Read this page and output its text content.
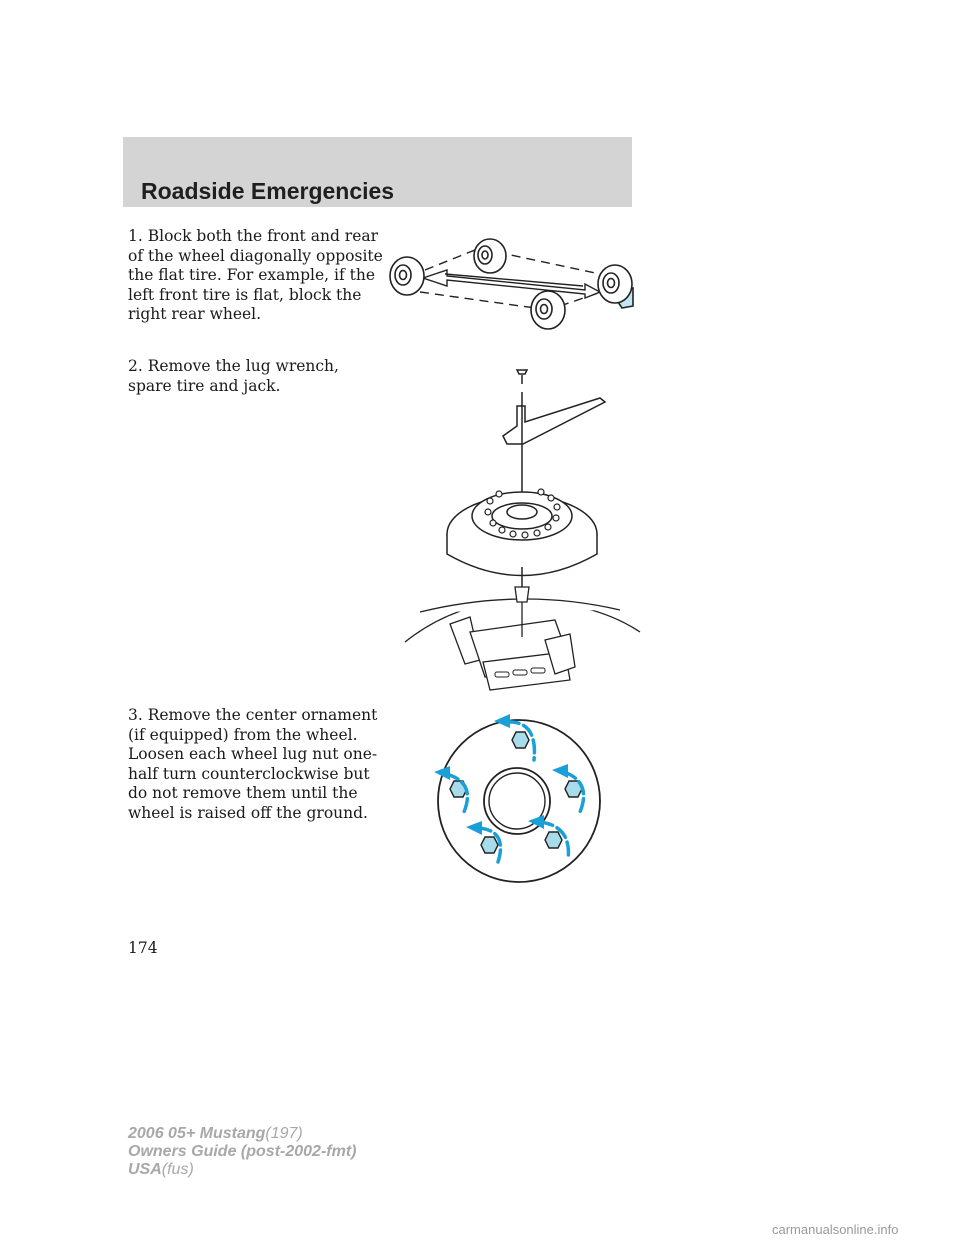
Roadside Emergencies

1. Block both the front and rear of the wheel diagonally opposite the flat tire. For example, if the left front tire is flat, block the right rear wheel.

2. Remove the lug wrench, spare tire and jack.

3. Remove the center ornament (if equipped) from the wheel. Loosen each wheel lug nut one-half turn counterclockwise but do not remove them until the wheel is raised off the ground.

174

2006 05+ Mustang(197)
Owners Guide (post-2002-fmt)
USA(fus)
carmanualsonline.info
